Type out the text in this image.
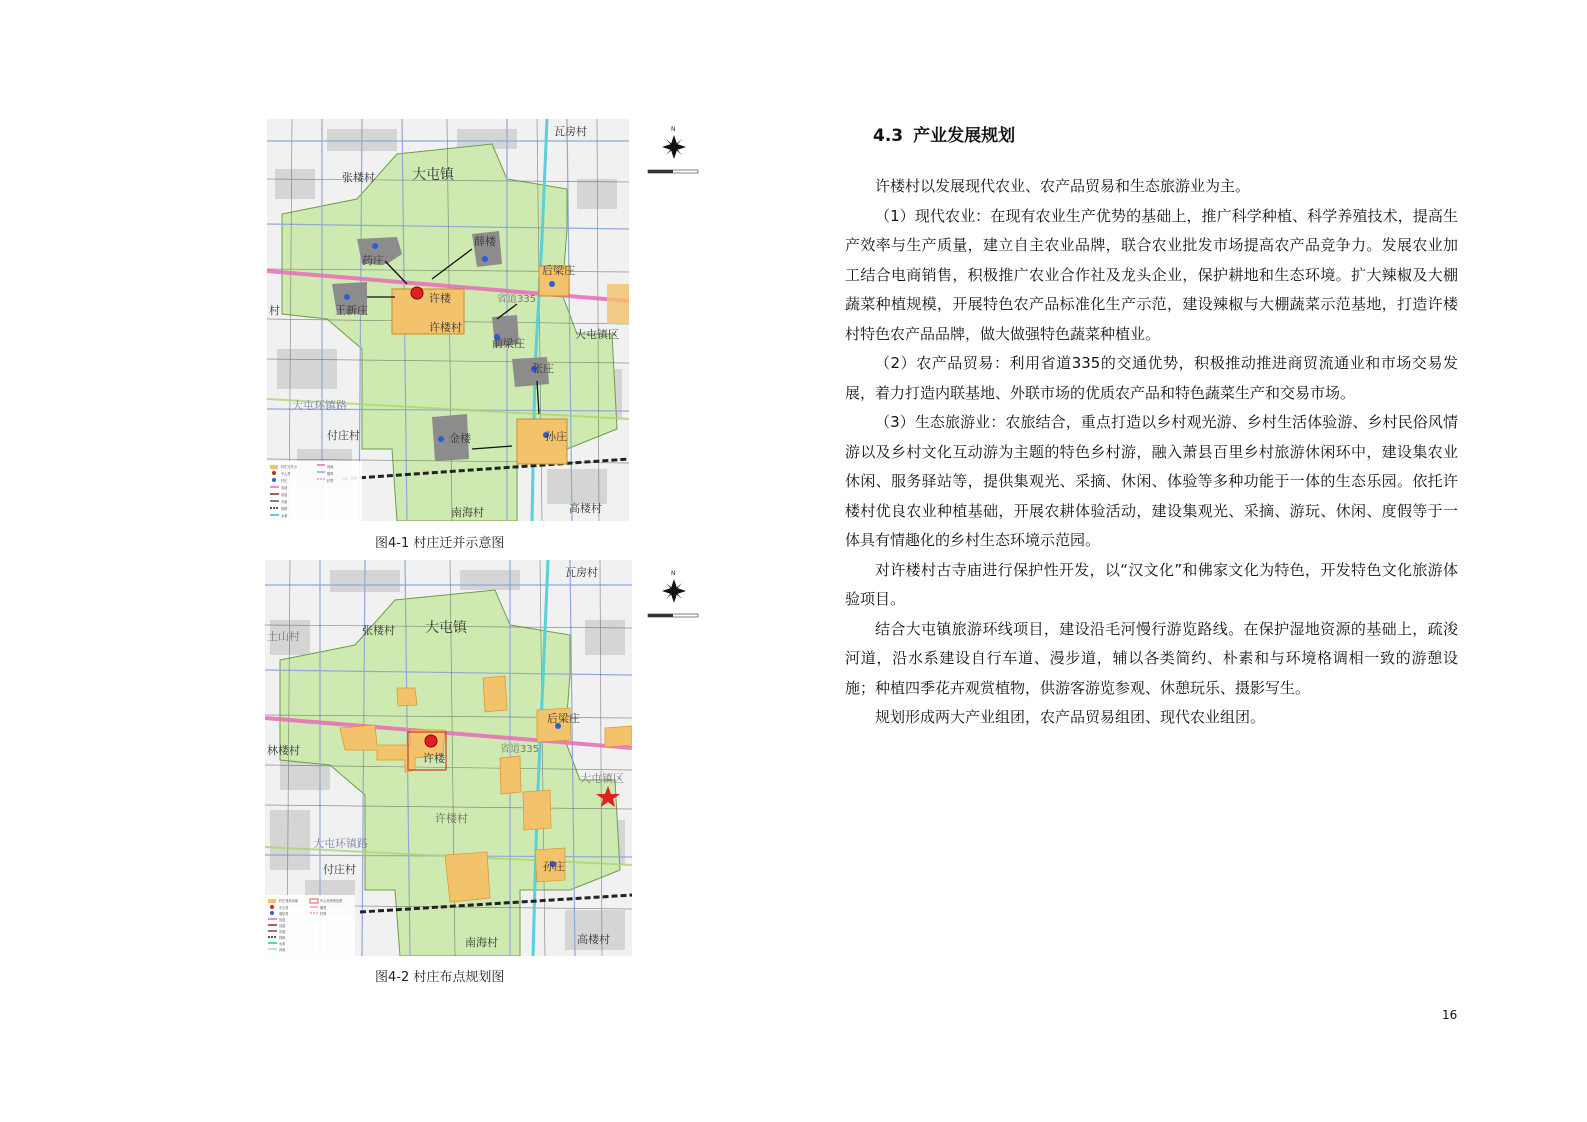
瓦房村
大屯镇
张楼村
薛楼
药庄
后梁庄
许楼
王新庄
许楼村
大屯镇区
前梁庄
张庄
大屯环镇路
付庄村	金楼	孙庄
南海村	高楼村
省道335
村
村庄迁并点
中心村
村庄
省道
县道
乡道
铁路
水系
河流
镇界
村界
N
图4-1 村庄迁并示意图
瓦房村
土山村	张楼村 大屯镇
后梁庄
林楼村
许楼
省道335
大屯镇区
许楼村
大屯环镇路
付庄村	孙庄
南海村	高楼村
村庄建设用地
中心村
基层村
省道
县道
乡道
铁路
水系
河流
中心村规划范围
镇界
村界
N
图4-2 村庄布点规划图
4.3 产业发展规划

许楼村以发展现代农业、农产品贸易和生态旅游业为主。

（1）现代农业：在现有农业生产优势的基础上，推广科学种植、科学养殖技术，提高生产效率与生产质量，建立自主农业品牌，联合农业批发市场提高农产品竞争力。发展农业加工结合电商销售，积极推广农业合作社及龙头企业，保护耕地和生态环境。扩大辣椒及大棚蔬菜种植规模，开展特色农产品标准化生产示范，建设辣椒与大棚蔬菜示范基地，打造许楼村特色农产品品牌，做大做强特色蔬菜种植业。

（2）农产品贸易：利用省道335的交通优势，积极推动推进商贸流通业和市场交易发展，着力打造内联基地、外联市场的优质农产品和特色蔬菜生产和交易市场。

（3）生态旅游业：农旅结合，重点打造以乡村观光游、乡村生活体验游、乡村民俗风情游以及乡村文化互动游为主题的特色乡村游，融入萧县百里乡村旅游休闲环中，建设集农业休闲、服务驿站等，提供集观光、采摘、休闲、体验等多种功能于一体的生态乐园。依托许楼村优良农业种植基础，开展农耕体验活动，建设集观光、采摘、游玩、休闲、度假等于一体具有情趣化的乡村生态环境示范园。

对许楼村古寺庙进行保护性开发，以“汉文化”和佛家文化为特色，开发特色文化旅游体验项目。

结合大屯镇旅游环线项目，建设沿毛河慢行游览路线。在保护湿地资源的基础上，疏浚河道，沿水系建设自行车道、漫步道，辅以各类简约、朴素和与环境格调相一致的游憩设施；种植四季花卉观赏植物，供游客游览参观、休憩玩乐、摄影写生。

规划形成两大产业组团，农产品贸易组团、现代农业组团。

16
